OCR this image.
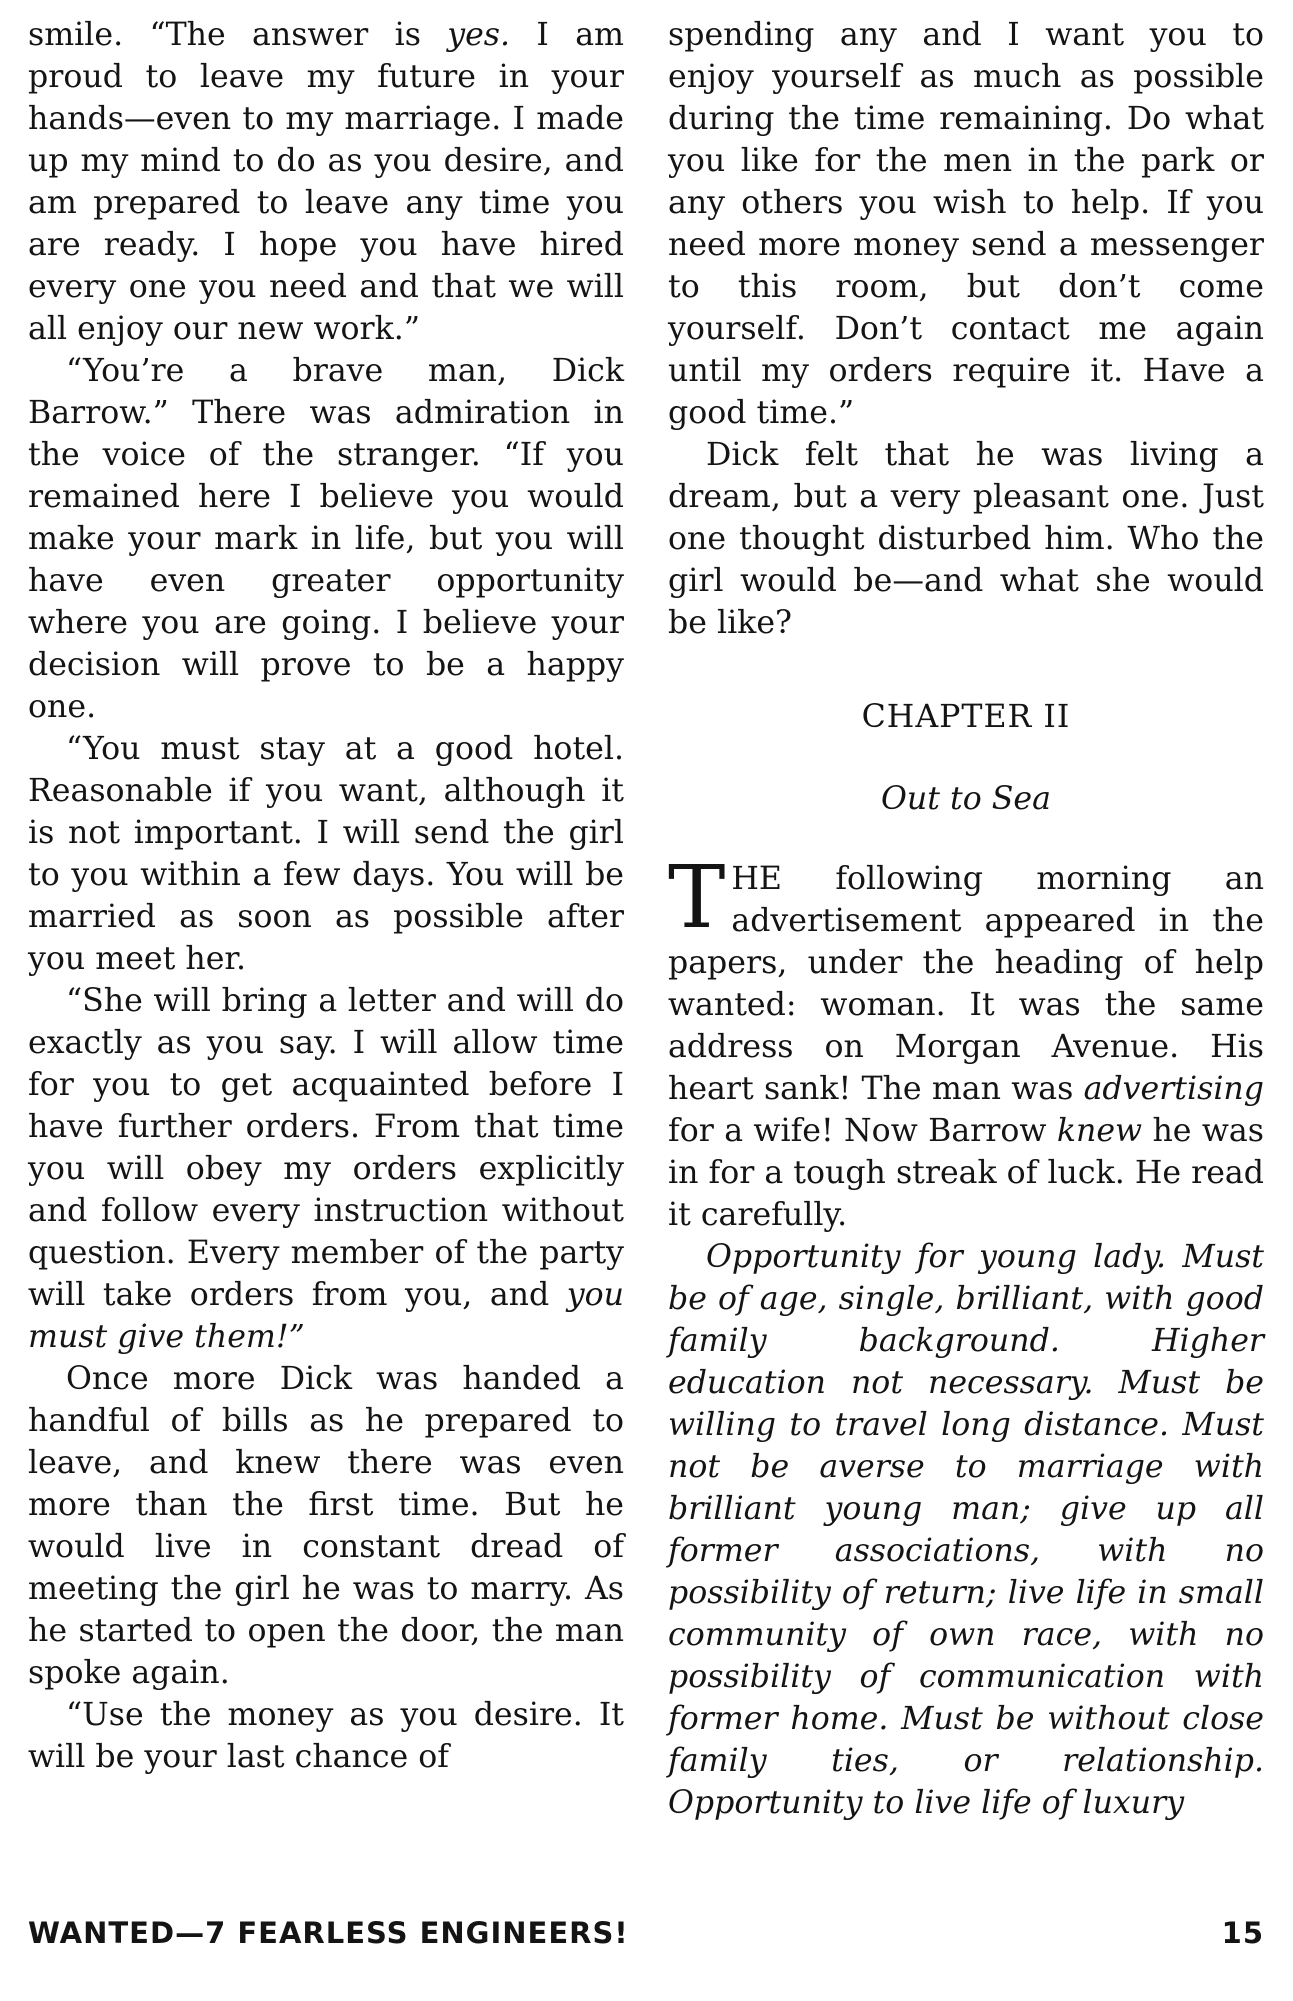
smile. “The answer is yes. I am proud to leave my future in your hands—even to my marriage. I made up my mind to do as you desire, and am prepared to leave any time you are ready. I hope you have hired every one you need and that we will all enjoy our new work.”

“You’re a brave man, Dick Barrow.” There was admiration in the voice of the stranger. “If you remained here I believe you would make your mark in life, but you will have even greater opportunity where you are going. I believe your decision will prove to be a happy one.

“You must stay at a good hotel. Reasonable if you want, although it is not important. I will send the girl to you within a few days. You will be married as soon as possible after you meet her.

“She will bring a letter and will do exactly as you say. I will allow time for you to get acquainted before I have further orders. From that time you will obey my orders explicitly and follow every instruction without question. Every member of the party will take orders from you, and you must give them!”

Once more Dick was handed a handful of bills as he prepared to leave, and knew there was even more than the first time. But he would live in constant dread of meeting the girl he was to marry. As he started to open the door, the man spoke again.

“Use the money as you desire. It will be your last chance of

spending any and I want you to enjoy yourself as much as possible during the time remaining. Do what you like for the men in the park or any others you wish to help. If you need more money send a messenger to this room, but don’t come yourself. Don’t contact me again until my orders require it. Have a good time.”

Dick felt that he was living a dream, but a very pleasant one. Just one thought disturbed him. Who the girl would be—and what she would be like?

CHAPTER II
Out to Sea

THE following morning an advertisement appeared in the papers, under the heading of help wanted: woman. It was the same address on Morgan Avenue. His heart sank! The man was advertising for a wife! Now Barrow knew he was in for a tough streak of luck. He read it carefully.

Opportunity for young lady. Must be of age, single, brilliant, with good family background. Higher education not necessary. Must be willing to travel long distance. Must not be averse to marriage with brilliant young man; give up all former associations, with no possibility of return; live life in small community of own race, with no possibility of communication with former home. Must be without close family ties, or relationship. Opportunity to live life of luxury

WANTED—7 FEARLESS ENGINEERS!	15
